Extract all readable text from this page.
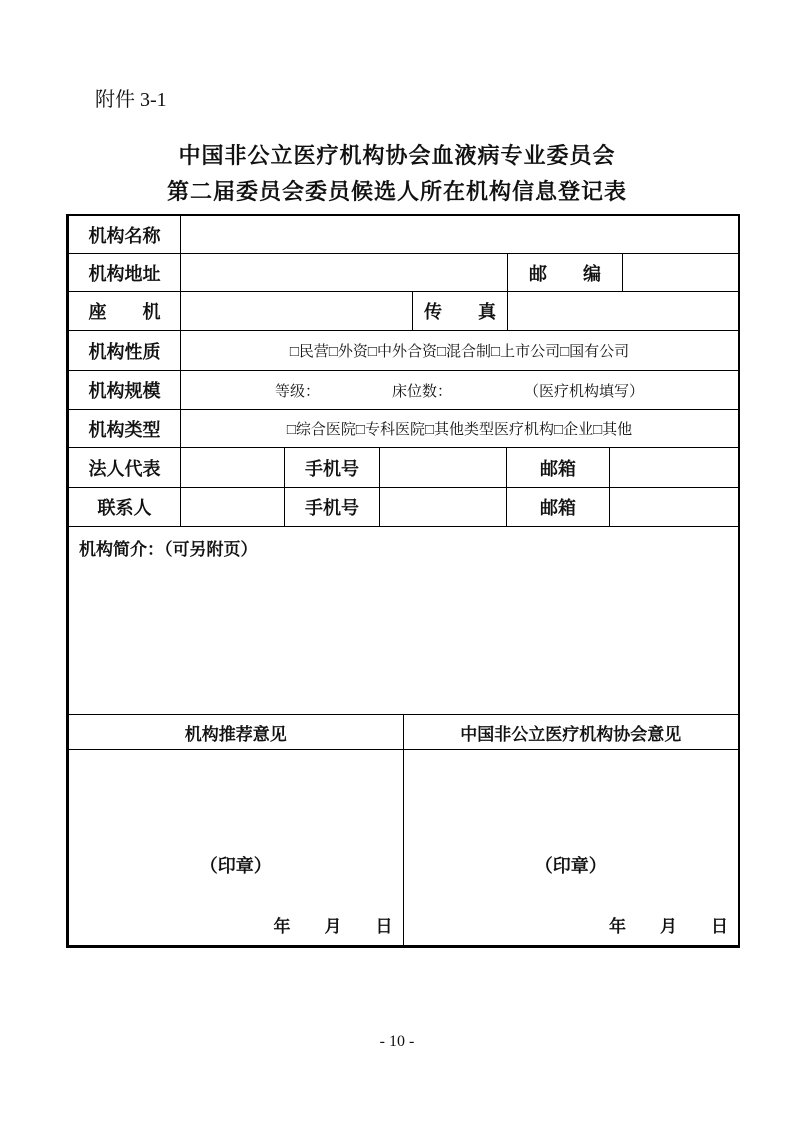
附件 3-1
中国非公立医疗机构协会血液病专业委员会
第二届委员会委员候选人所在机构信息登记表
机构名称
机构地址	邮　　编
座　　机	传　　真
机构性质	□民营□外资□中外合资□混合制□上市公司□国有公司
机构规模	等级：	床位数：	（医疗机构填写）
机构类型	□综合医院□专科医院□其他类型医疗机构□企业□其他
法人代表	手机号	邮箱
联系人	手机号	邮箱
机构简介：（可另附页）
机构推荐意见	中国非公立医疗机构协会意见
（印章）
年　　月　　日
（印章）
年　　月　　日
- 10 -
